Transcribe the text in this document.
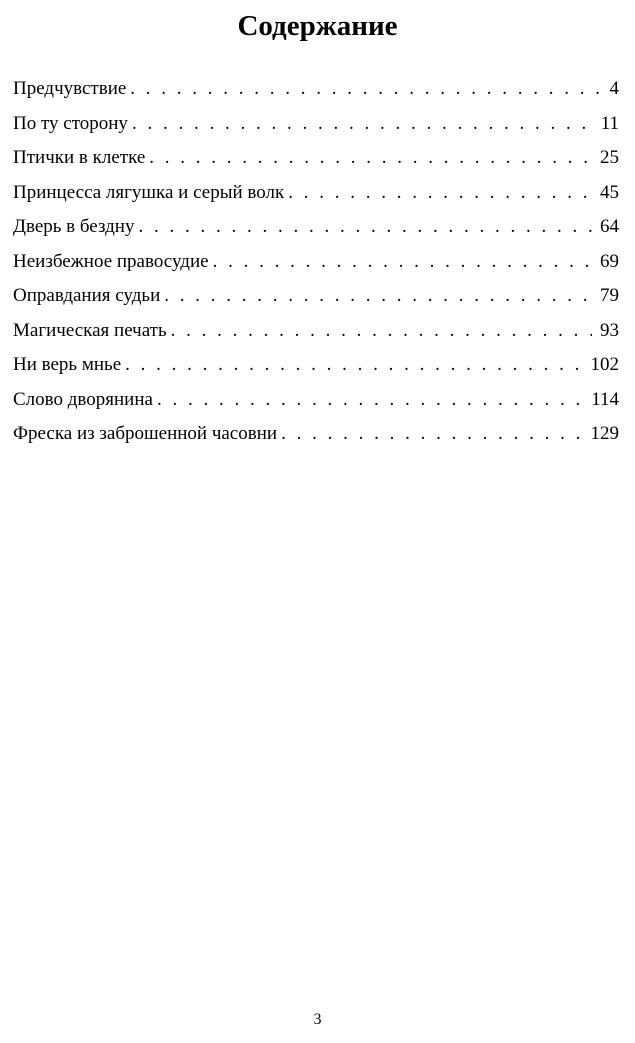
Содержание
Предчувствие . . .	4
По ту сторону . . .	11
Птички в клетке . . .	25
Принцесса лягушка и серый волк . . .	45
Дверь в бездну . . .	64
Неизбежное правосудие . . .	69
Оправдания судьи . . .	79
Магическая печать . . .	93
Ни верь мнье . . .	102
Слово дворянина . . .	114
Фреска из заброшенной часовни . . .	129
3
